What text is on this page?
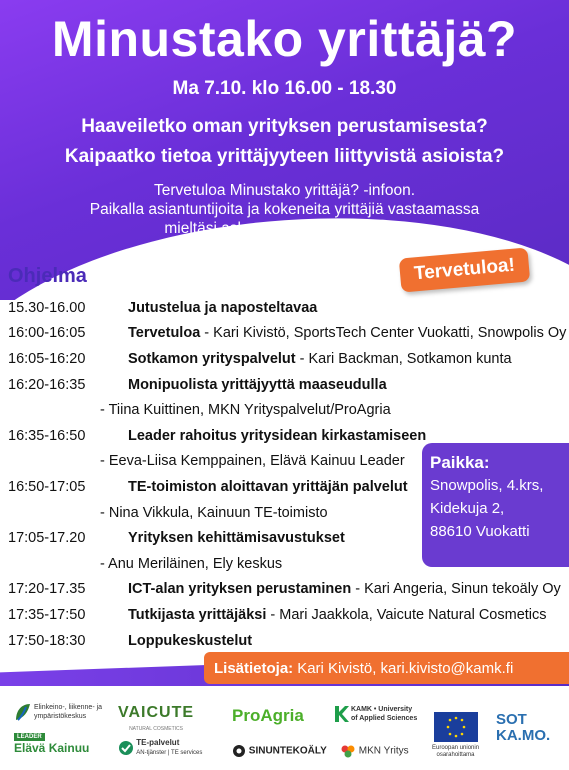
Minustako yrittäjä?
Ma 7.10. klo 16.00 - 18.30
Haaveiletko oman yrityksen perustamisesta?
Kaipaatko tietoa yrittäjyyteen liittyvistä asioista?
Tervetuloa Minustako yrittäjä? -infoon.
Paikalla asiantuntijoita ja kokeneita yrittäjiä vastaamassa
mieltäsi askarruttaviin kysymyksiin.
Ohjelma	Tervetuloa!
15.30-16.00	Jutustelua ja naposteltavaa
16:00-16:05	Tervetuloa - Kari Kivistö, SportsTech Center Vuokatti, Snowpolis Oy
16:05-16:20	Sotkamon yrityspalvelut - Kari Backman, Sotkamon kunta
16:20-16:35	Monipuolista yrittäjyyttä maaseudulla
- Tiina Kuittinen, MKN Yrityspalvelut/ProAgria
16:35-16:50	Leader rahoitus yritysidean kirkastamiseen
- Eeva-Liisa Kemppainen, Elävä Kainuu Leader
16:50-17:05	TE-toimiston aloittavan yrittäjän palvelut
- Nina Vikkula, Kainuun TE-toimisto
17:05-17.20	Yrityksen kehittämisavustukset
- Anu Meriläinen, Ely keskus
17:20-17.35	ICT-alan yrityksen perustaminen - Kari Angeria, Sinun tekoäly Oy
17:35-17:50	Tutkijasta yrittäjäksi - Mari Jaakkola, Vaicute Natural Cosmetics
17:50-18:30	Loppukeskustelut
Paikka:
Snowpolis, 4.krs,
Kidekuja 2,
88610 Vuokatti
Lisätietoja: Kari Kivistö, kari.kivisto@kamk.fi
Elinkeino-, liikenne- ja
ympäristökeskus
LEADER
Elävä Kainuu
VAICUTE
NATURAL COSMETICS
TE-palvelut
AN-tjänster | TE services
ProAgria
SINUNTEKOÄLY
KAMK • University
of Applied Sciences
MKN Yritys	Euroopan unionin
osarahoittama
SOT
KA.MO.
